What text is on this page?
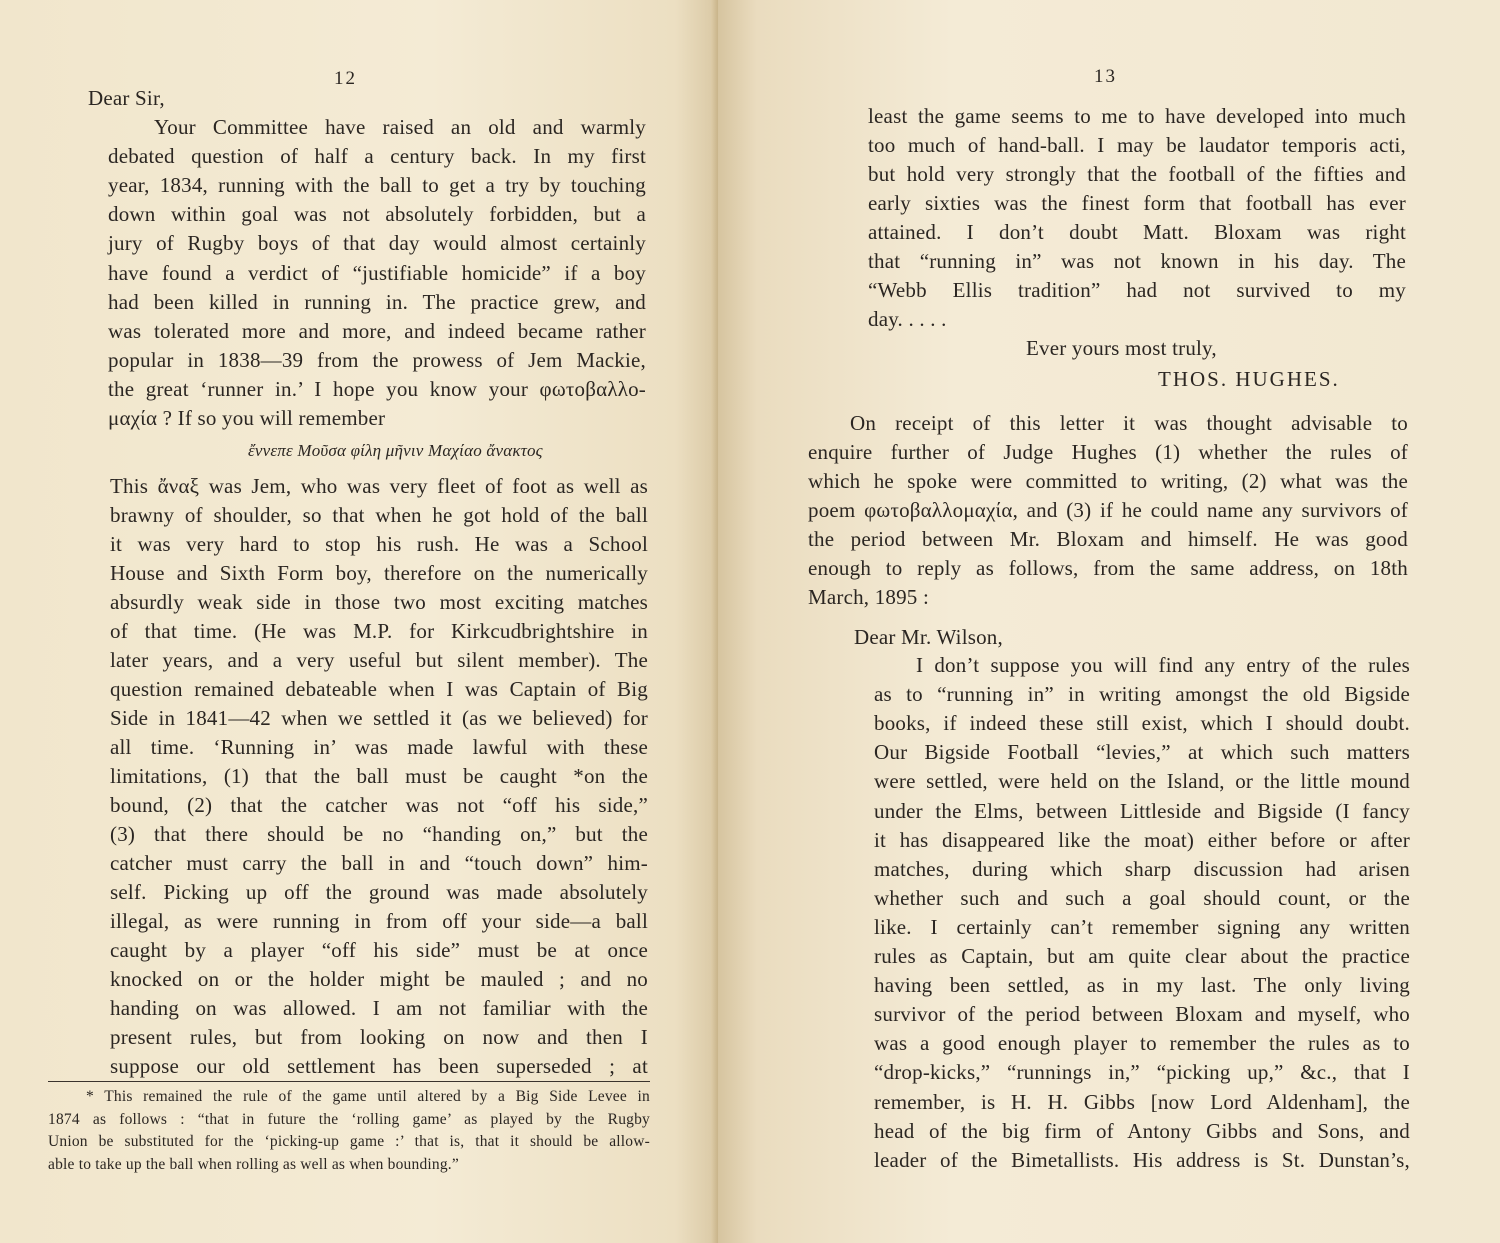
12
Dear Sir,
Your Committee have raised an old and warmly
debated question of half a century back. In my first
year, 1834, running with the ball to get a try by touching
down within goal was not absolutely forbidden, but a
jury of Rugby boys of that day would almost certainly
have found a verdict of “justifiable homicide” if a boy
had been killed in running in. The practice grew, and
was tolerated more and more, and indeed became rather
popular in 1838—39 from the prowess of Jem Mackie,
the great ‘runner in.’ I hope you know your φωτοβαλλο-
μαχία ? If so you will remember
ἔννεπε Μοῦσα φίλη μῆνιν Μαχίαο ἄνακτος
This ἄναξ was Jem, who was very fleet of foot as well as
brawny of shoulder, so that when he got hold of the ball
it was very hard to stop his rush. He was a School
House and Sixth Form boy, therefore on the numerically
absurdly weak side in those two most exciting matches
of that time. (He was M.P. for Kirkcudbrightshire in
later years, and a very useful but silent member). The
question remained debateable when I was Captain of Big
Side in 1841—42 when we settled it (as we believed) for
all time. ‘Running in’ was made lawful with these
limitations, (1) that the ball must be caught *on the
bound, (2) that the catcher was not “off his side,”
(3) that there should be no “handing on,” but the
catcher must carry the ball in and “touch down” him-
self. Picking up off the ground was made absolutely
illegal, as were running in from off your side—a ball
caught by a player “off his side” must be at once
knocked on or the holder might be mauled ; and no
handing on was allowed. I am not familiar with the
present rules, but from looking on now and then I
suppose our old settlement has been superseded ; at
* This remained the rule of the game until altered by a Big Side Levee in
1874 as follows : “that in future the ‘rolling game’ as played by the Rugby
Union be substituted for the ‘picking-up game :’ that is, that it should be allow-
able to take up the ball when rolling as well as when bounding.”
13
least the game seems to me to have developed into much
too much of hand-ball. I may be laudator temporis acti,
but hold very strongly that the football of the fifties and
early sixties was the finest form that football has ever
attained. I don’t doubt Matt. Bloxam was right
that “running in” was not known in his day. The
“Webb Ellis tradition” had not survived to my
day. . . . .
Ever yours most truly,
THOS. HUGHES.
On receipt of this letter it was thought advisable to
enquire further of Judge Hughes (1) whether the rules of
which he spoke were committed to writing, (2) what was the
poem φωτοβαλλομαχία, and (3) if he could name any survivors of
the period between Mr. Bloxam and himself. He was good
enough to reply as follows, from the same address, on 18th
March, 1895 :
Dear Mr. Wilson,
I don’t suppose you will find any entry of the rules
as to “running in” in writing amongst the old Bigside
books, if indeed these still exist, which I should doubt.
Our Bigside Football “levies,” at which such matters
were settled, were held on the Island, or the little mound
under the Elms, between Littleside and Bigside (I fancy
it has disappeared like the moat) either before or after
matches, during which sharp discussion had arisen
whether such and such a goal should count, or the
like. I certainly can’t remember signing any written
rules as Captain, but am quite clear about the practice
having been settled, as in my last. The only living
survivor of the period between Bloxam and myself, who
was a good enough player to remember the rules as to
“drop-kicks,” “runnings in,” “picking up,” &c., that I
remember, is H. H. Gibbs [now Lord Aldenham], the
head of the big firm of Antony Gibbs and Sons, and
leader of the Bimetallists. His address is St. Dunstan’s,
